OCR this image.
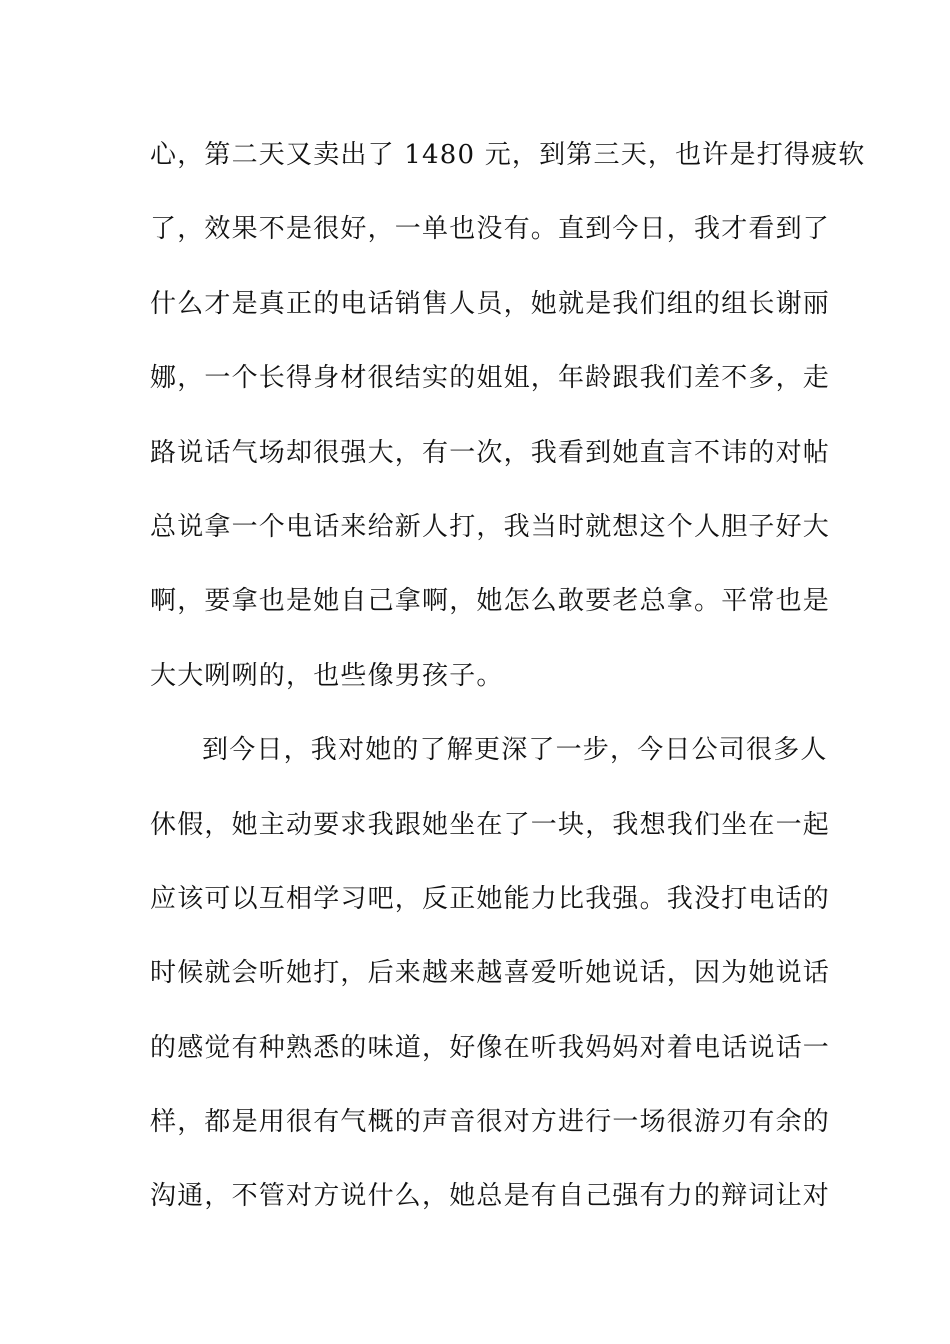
心，第二天又卖出了 1480 元，到第三天，也许是打得疲软
了，效果不是很好，一单也没有。直到今日，我才看到了
什么才是真正的电话销售人员，她就是我们组的组长谢丽
娜，一个长得身材很结实的姐姐，年龄跟我们差不多，走
路说话气场却很强大，有一次，我看到她直言不讳的对帖
总说拿一个电话来给新人打，我当时就想这个人胆子好大
啊，要拿也是她自己拿啊，她怎么敢要老总拿。平常也是
大大咧咧的，也些像男孩子。
到今日，我对她的了解更深了一步，今日公司很多人
休假，她主动要求我跟她坐在了一块，我想我们坐在一起
应该可以互相学习吧，反正她能力比我强。我没打电话的
时候就会听她打，后来越来越喜爱听她说话，因为她说话
的感觉有种熟悉的味道，好像在听我妈妈对着电话说话一
样，都是用很有气概的声音很对方进行一场很游刃有余的
沟通，不管对方说什么，她总是有自己强有力的辩词让对
